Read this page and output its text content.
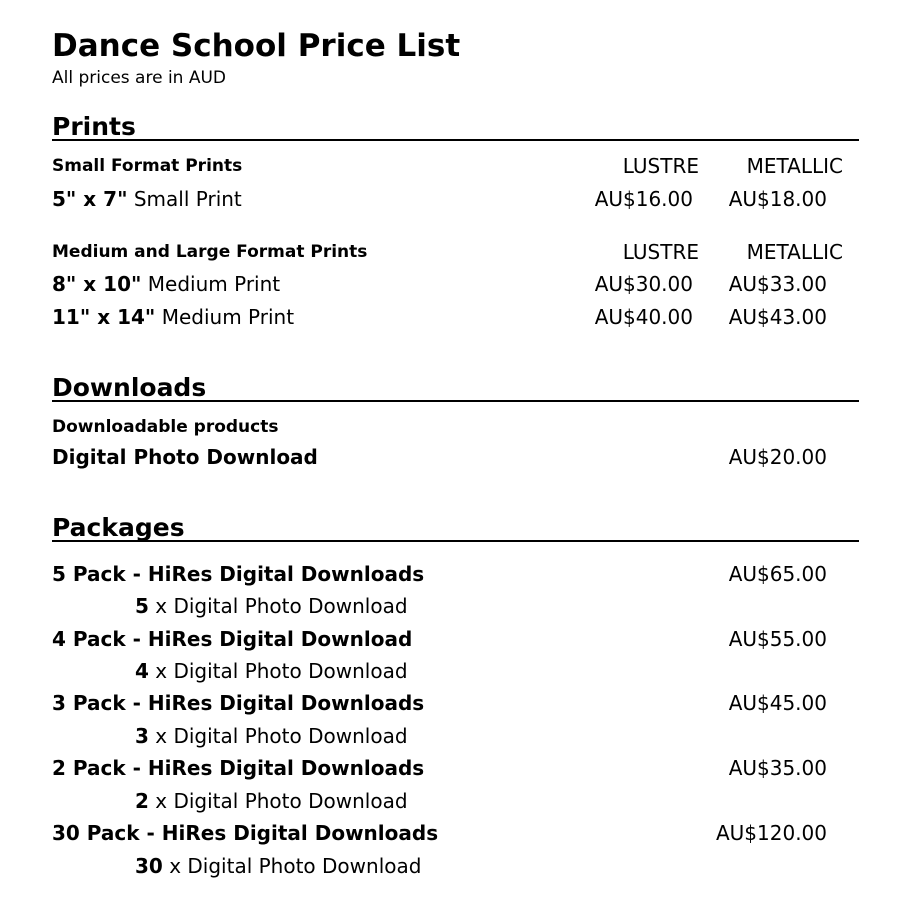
Dance School Price List
All prices are in AUD
Prints
Small Format Prints	LUSTRE	METALLIC
5" x 7" Small Print	AU$16.00	AU$18.00
Medium and Large Format Prints	LUSTRE	METALLIC
8" x 10" Medium Print	AU$30.00	AU$33.00
11" x 14" Medium Print	AU$40.00	AU$43.00
Downloads
Downloadable products
Digital Photo Download	AU$20.00
Packages
5 Pack - HiRes Digital Downloads	AU$65.00
5 x Digital Photo Download
4 Pack - HiRes Digital Download	AU$55.00
4 x Digital Photo Download
3 Pack - HiRes Digital Downloads	AU$45.00
3 x Digital Photo Download
2 Pack - HiRes Digital Downloads	AU$35.00
2 x Digital Photo Download
30 Pack - HiRes Digital Downloads	AU$120.00
30 x Digital Photo Download
